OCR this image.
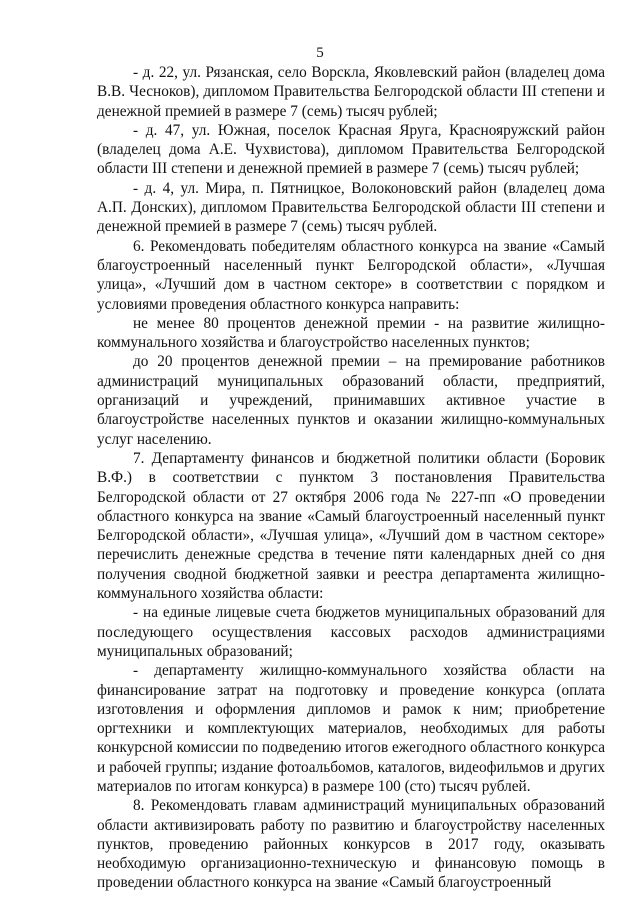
5

- д. 22, ул. Рязанская, село Ворскла, Яковлевский район (владелец дома В.В. Чесноков), дипломом Правительства Белгородской области III степени и денежной премией в размере 7 (семь) тысяч рублей;

- д. 47, ул. Южная, поселок Красная Яруга, Краснояружский район (владелец дома А.Е. Чухвистова), дипломом Правительства Белгородской области III степени и денежной премией в размере 7 (семь) тысяч рублей;

- д. 4, ул. Мира, п. Пятницкое, Волоконовский район (владелец дома А.П. Донских), дипломом Правительства Белгородской области III степени и денежной премией в размере 7 (семь) тысяч рублей.

6. Рекомендовать победителям областного конкурса на звание «Самый благоустроенный населенный пункт Белгородской области», «Лучшая улица», «Лучший дом в частном секторе» в соответствии с порядком и условиями проведения областного конкурса направить:

не менее 80 процентов денежной премии - на развитие жилищно-коммунального хозяйства и благоустройство населенных пунктов;

до 20 процентов денежной премии – на премирование работников администраций муниципальных образований области, предприятий, организаций и учреждений, принимавших активное участие в благоустройстве населенных пунктов и оказании жилищно-коммунальных услуг населению.

7. Департаменту финансов и бюджетной политики области (Боровик В.Ф.) в соответствии с пунктом 3 постановления Правительства Белгородской области от 27 октября 2006 года № 227-пп «О проведении областного конкурса на звание «Самый благоустроенный населенный пункт Белгородской области», «Лучшая улица», «Лучший дом в частном секторе» перечислить денежные средства в течение пяти календарных дней со дня получения сводной бюджетной заявки и реестра департамента жилищно-коммунального хозяйства области:

- на единые лицевые счета бюджетов муниципальных образований для последующего осуществления кассовых расходов администрациями муниципальных образований;

- департаменту жилищно-коммунального хозяйства области на финансирование затрат на подготовку и проведение конкурса (оплата изготовления и оформления дипломов и рамок к ним; приобретение оргтехники и комплектующих материалов, необходимых для работы конкурсной комиссии по подведению итогов ежегодного областного конкурса и рабочей группы; издание фотоальбомов, каталогов, видеофильмов и других материалов по итогам конкурса) в размере 100 (сто) тысяч рублей.

8. Рекомендовать главам администраций муниципальных образований области активизировать работу по развитию и благоустройству населенных пунктов, проведению районных конкурсов в 2017 году, оказывать необходимую организационно-техническую и финансовую помощь в проведении областного конкурса на звание «Самый благоустроенный
